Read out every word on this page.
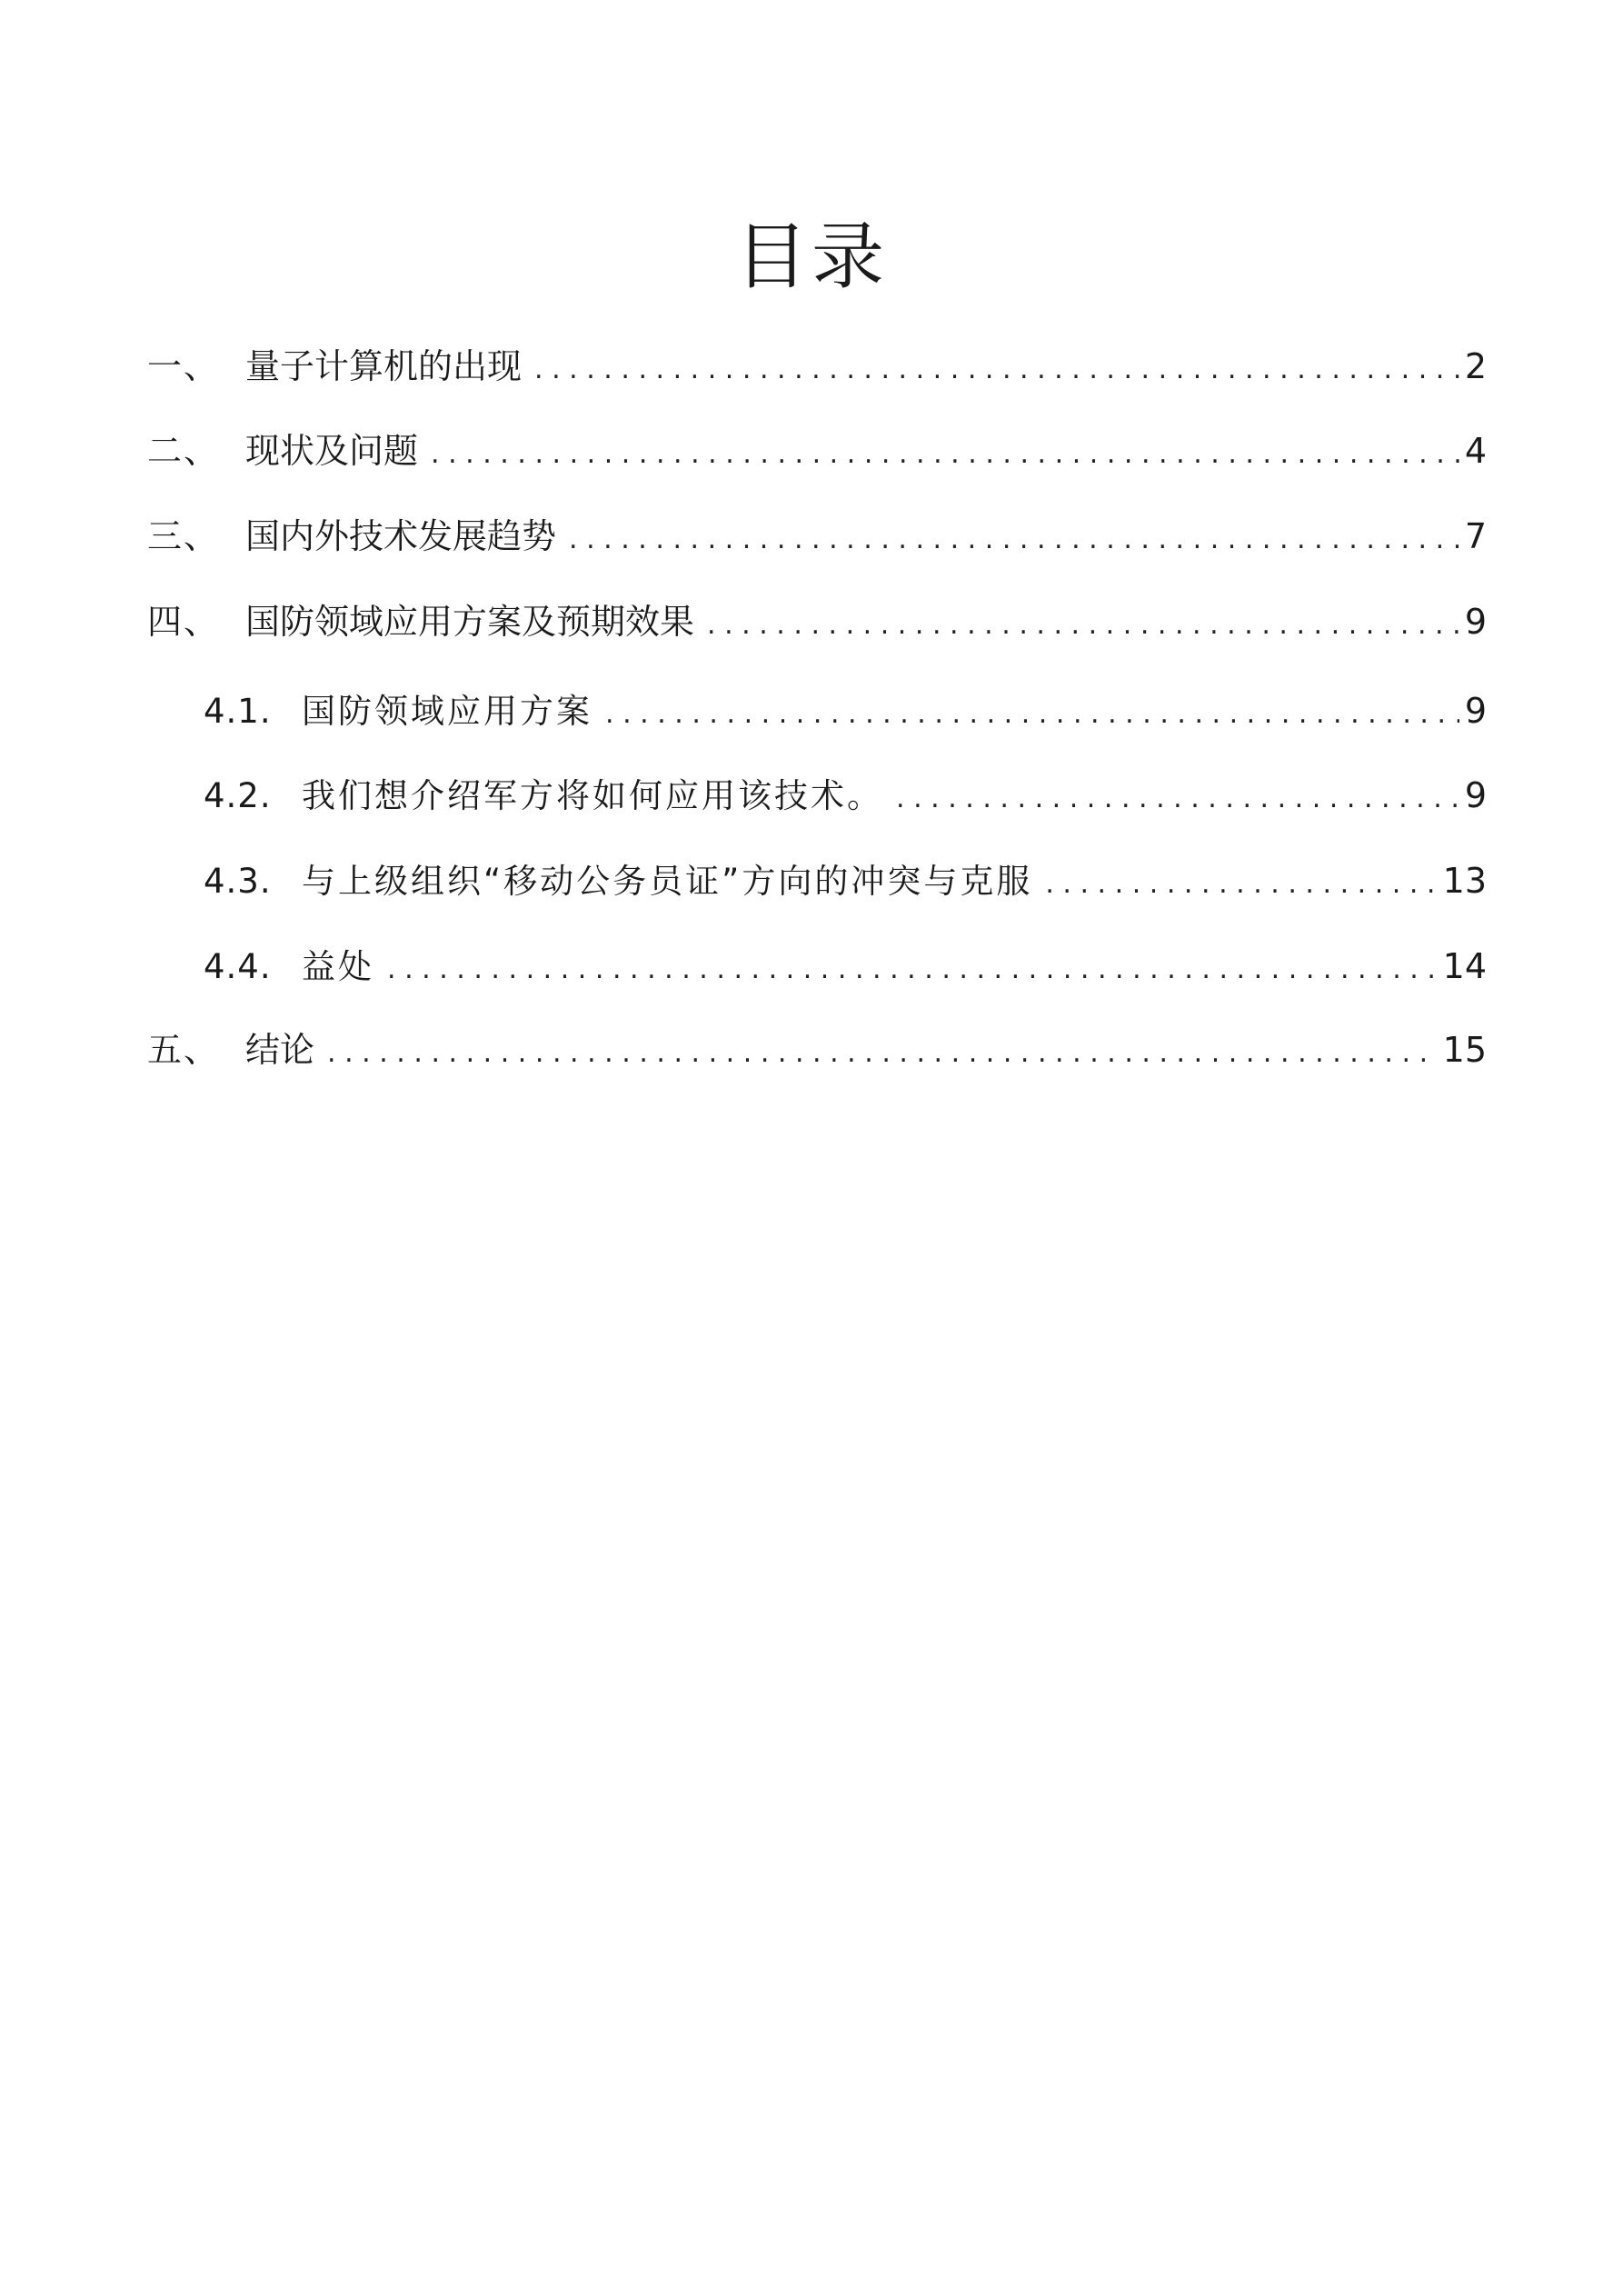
目录
一、 量子计算机的出现 . . .	2
二、 现状及问题 . . .	4
三、 国内外技术发展趋势 . . .	7
四、 国防领域应用方案及预期效果 . . .	9
4.1. 国防领域应用方案 . . .	9
4.2. 我们想介绍军方将如何应用该技术。 . . .	9
4.3. 与上级组织“移动公务员证”方向的冲突与克服 . . .	13
4.4. 益处 . . .	14
五、 结论 . . .	15
